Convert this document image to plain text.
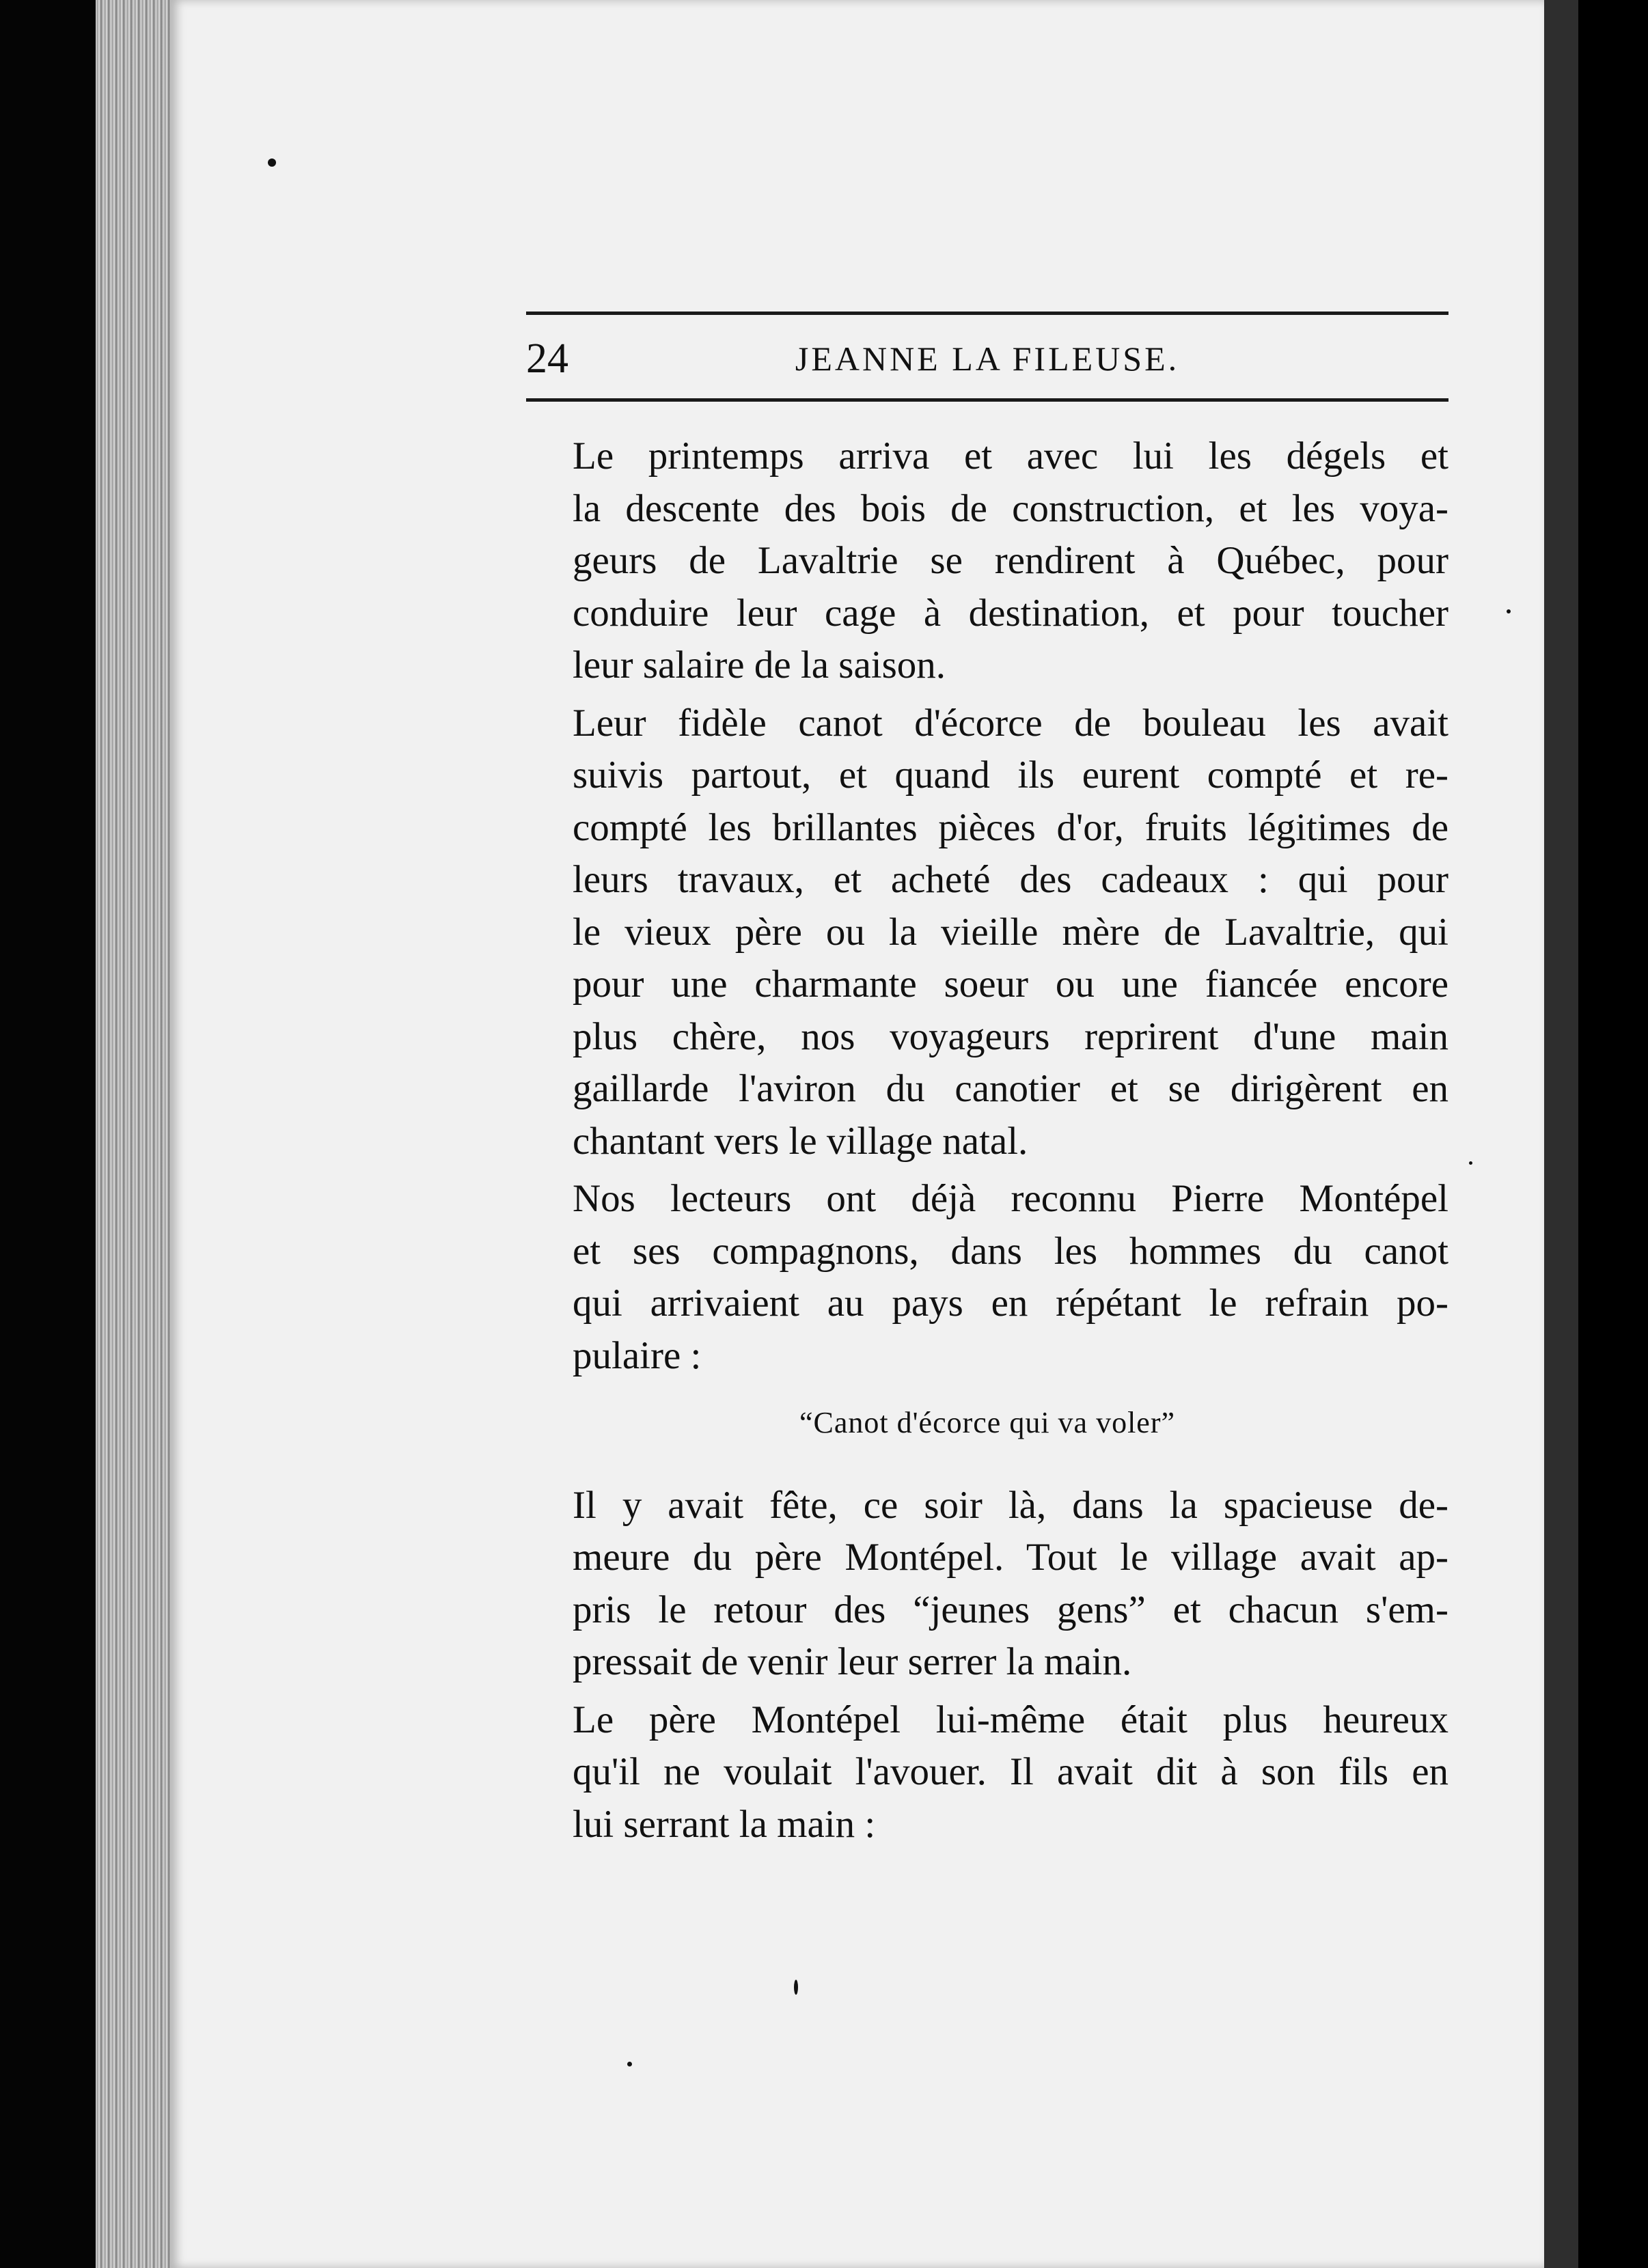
24	JEANNE LA FILEUSE.

Le printemps arriva et avec lui les dégels et
la descente des bois de construction, et les voya-
geurs de Lavaltrie se rendirent à Québec, pour
conduire leur cage à destination, et pour toucher
leur salaire de la saison.

Leur fidèle canot d'écorce de bouleau les avait
suivis partout, et quand ils eurent compté et re-
compté les brillantes pièces d'or, fruits légitimes de
leurs travaux, et acheté des cadeaux : qui pour
le vieux père ou la vieille mère de Lavaltrie, qui
pour une charmante soeur ou une fiancée encore
plus chère, nos voyageurs reprirent d'une main
gaillarde l'aviron du canotier et se dirigèrent en
chantant vers le village natal.

Nos lecteurs ont déjà reconnu Pierre Montépel
et ses compagnons, dans les hommes du canot
qui arrivaient au pays en répétant le refrain po-
pulaire :

“Canot d'écorce qui va voler”

Il y avait fête, ce soir là, dans la spacieuse de-
meure du père Montépel. Tout le village avait ap-
pris le retour des “jeunes gens” et chacun s'em-
pressait de venir leur serrer la main.

Le père Montépel lui-même était plus heureux
qu'il ne voulait l'avouer. Il avait dit à son fils en
lui serrant la main :
